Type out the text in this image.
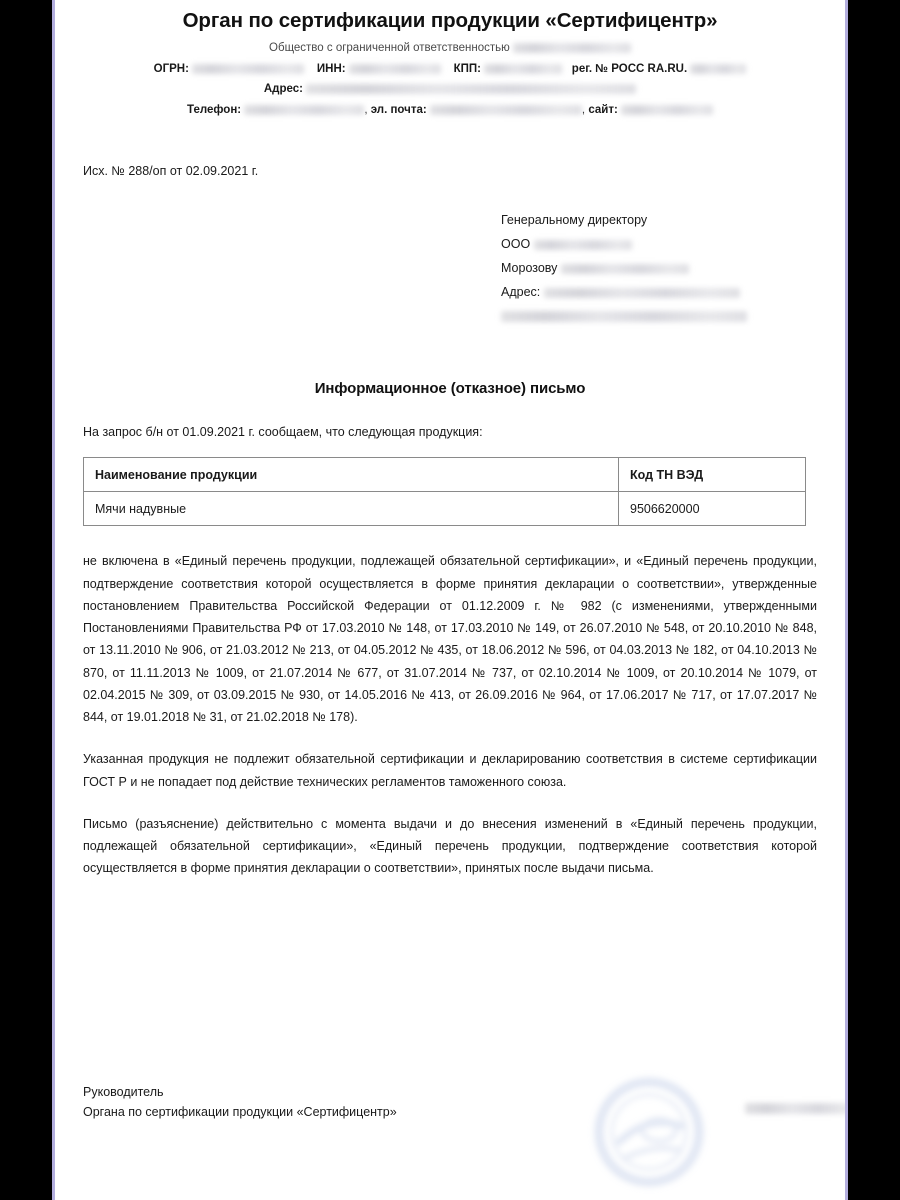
Орган по сертификации продукции «Сертифицентр»
Общество с ограниченной ответственностью
ОГРН:	ИНН:	КПП:	рег. № РОСС RA.RU.
Адрес:
Телефон:	, эл. почта:	, сайт:
Исх. № 288/оп от 02.09.2021 г.
Генеральному директору
ООО
Морозову
Адрес:
Информационное (отказное) письмо
На запрос б/н от 01.09.2021 г. сообщаем, что следующая продукция:
Наименование продукции	Код ТН ВЭД
Мячи надувные	9506620000
не включена в «Единый перечень продукции, подлежащей обязательной сертификации», и «Единый перечень продукции, подтверждение соответствия которой осуществляется в форме принятия декларации о соответствии», утвержденные постановлением Правительства Российской Федерации от 01.12.2009 г. № 982 (с изменениями, утвержденными Постановлениями Правительства РФ от 17.03.2010 № 148, от 17.03.2010 № 149, от 26.07.2010 № 548, от 20.10.2010 № 848, от 13.11.2010 № 906, от 21.03.2012 № 213, от 04.05.2012 № 435, от 18.06.2012 № 596, от 04.03.2013 № 182, от 04.10.2013 № 870, от 11.11.2013 № 1009, от 21.07.2014 № 677, от 31.07.2014 № 737, от 02.10.2014 № 1009, от 20.10.2014 № 1079, от 02.04.2015 № 309, от 03.09.2015 № 930, от 14.05.2016 № 413, от 26.09.2016 № 964, от 17.06.2017 № 717, от 17.07.2017 № 844, от 19.01.2018 № 31, от 21.02.2018 № 178).
Указанная продукция не подлежит обязательной сертификации и декларированию соответствия в системе сертификации ГОСТ Р и не попадает под действие технических регламентов таможенного союза.
Письмо (разъяснение) действительно с момента выдачи и до внесения изменений в «Единый перечень продукции, подлежащей обязательной сертификации», «Единый перечень продукции, подтверждение соответствия которой осуществляется в форме принятия декларации о соответствии», принятых после выдачи письма.
Руководитель
Органа по сертификации продукции «Сертифицентр»
